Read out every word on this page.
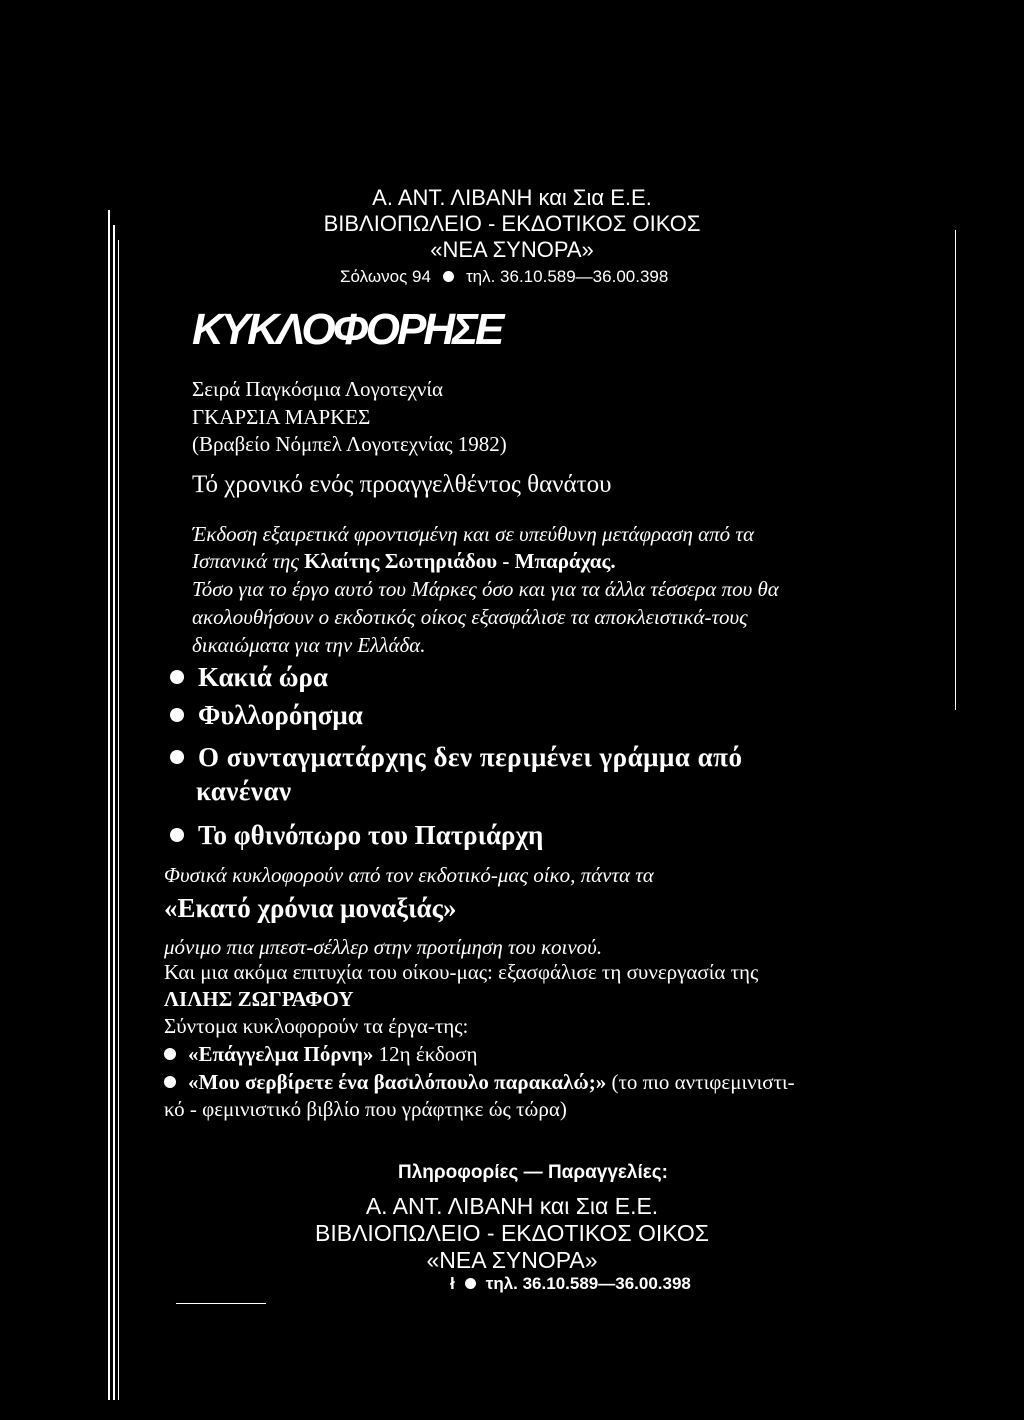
Α. ΑΝΤ. ΛΙΒΑΝΗ και Σια Ε.Ε.
ΒΙΒΛΙΟΠΩΛΕΙΟ - ΕΚΔΟΤΙΚΟΣ ΟΙΚΟΣ
«ΝΕΑ ΣΥΝΟΡΑ»
Σόλωνος 94 τηλ. 36.10.589—36.00.398
ΚΥΚΛΟΦΟΡΗΣΕ
Σειρά Παγκόσμια Λογοτεχνία
ΓΚΑΡΣΙΑ ΜΑΡΚΕΣ
(Βραβείο Νόμπελ Λογοτεχνίας 1982)
Τό χρονικό ενός προαγγελθέντος θανάτου
Έκδοση εξαιρετικά φροντισμένη και σε υπεύθυνη μετάφραση από τα
Ισπανικά της Κλαίτης Σωτηριάδου - Μπαράχας.
Τόσο για το έργο αυτό του Μάρκες όσο και για τα άλλα τέσσερα που θα
ακολουθήσουν ο εκδοτικός οίκος εξασφάλισε τα αποκλειστικά-τους
δικαιώματα για την Ελλάδα.
Κακιά ώρα
Φυλλορόησμα
Ο συνταγματάρχης δεν περιμένει γράμμα από
κανέναν
Το φθινόπωρο του Πατριάρχη
Φυσικά κυκλοφορούν από τον εκδοτικό-μας οίκο, πάντα τα
«Εκατό χρόνια μοναξιάς»
μόνιμο πια μπεστ-σέλλερ στην προτίμηση του κοινού.
Και μια ακόμα επιτυχία του οίκου-μας: εξασφάλισε τη συνεργασία της
ΛΙΛΗΣ ΖΩΓΡΑΦΟΥ
Σύντομα κυκλοφορούν τα έργα-της:
«Επάγγελμα Πόρνη» 12η έκδοση
«Μου σερβίρετε ένα βασιλόπουλο παρακαλώ;» (το πιο αντιφεμινιστι-
κό - φεμινιστικό βιβλίο που γράφτηκε ώς τώρα)
Πληροφορίες — Παραγγελίες:
Α. ΑΝΤ. ΛΙΒΑΝΗ και Σια Ε.Ε.
ΒΙΒΛΙΟΠΩΛΕΙΟ - ΕΚΔΟΤΙΚΟΣ ΟΙΚΟΣ
«ΝΕΑ ΣΥΝΟΡΑ»
ł τηλ. 36.10.589—36.00.398
